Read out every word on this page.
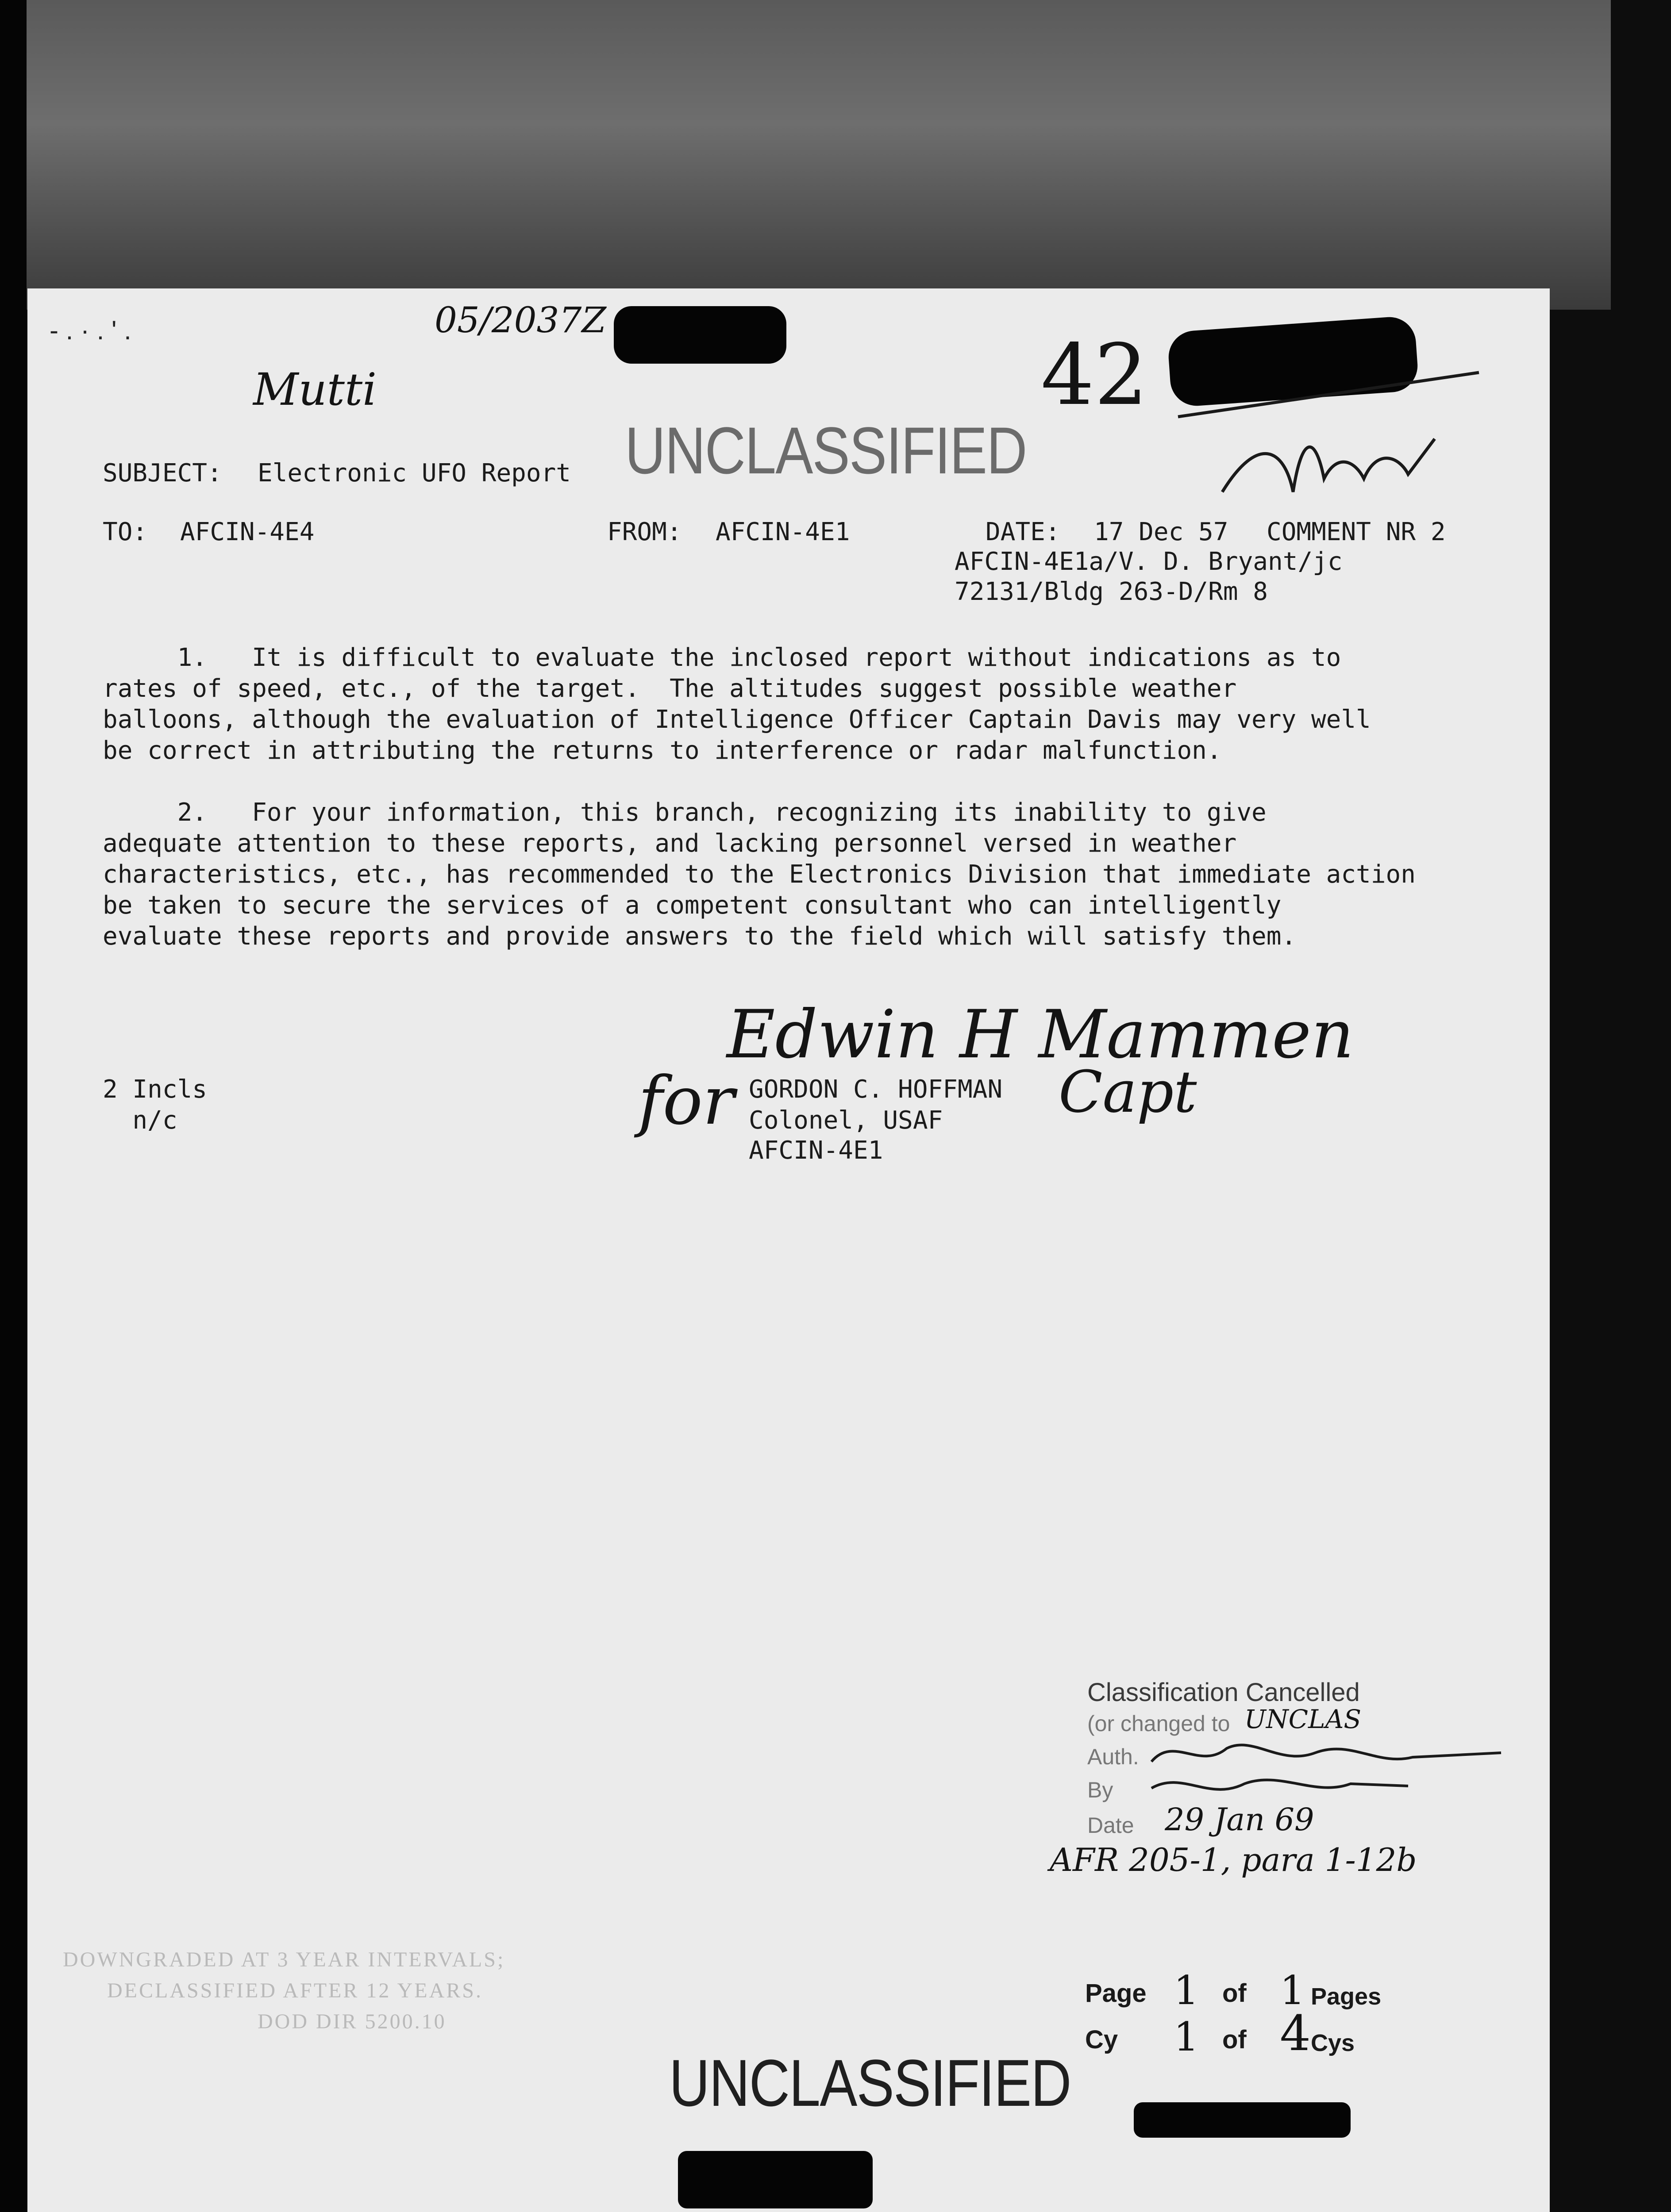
05/2037Z
Mutti
- . · . ' .	42
UNCLASSIFIED
SUBJECT: Electronic UFO Report
TO: AFCIN-4E4	FROM: AFCIN-4E1	DATE: 17 Dec 57 COMMENT NR 2
AFCIN-4E1a/V. D. Bryant/jc
72131/Bldg 263-D/Rm 8
1.   It is difficult to evaluate the inclosed report without indications as to
rates of speed, etc., of the target.  The altitudes suggest possible weather
balloons, although the evaluation of Intelligence Officer Captain Davis may very well
be correct in attributing the returns to interference or radar malfunction.
2.   For your information, this branch, recognizing its inability to give
adequate attention to these reports, and lacking personnel versed in weather
characteristics, etc., has recommended to the Electronics Division that immediate action
be taken to secure the services of a competent consultant who can intelligently
evaluate these reports and provide answers to the field which will satisfy them.
2 Incls
n/c
Edwin H Mammen
for	Capt
GORDON C. HOFFMAN
Colonel, USAF
AFCIN-4E1
Classification Cancelled
(or changed to UNCLAS
Auth.
By
Date 29 Jan 69
AFR 205-1, para 1-12b
DOWNGRADED AT 3 YEAR INTERVALS;
DECLASSIFIED AFTER 12 YEARS.
DOD DIR 5200.10
Page 1 of 1 Pages
Cy 1 of 4 Cys
UNCLASSIFIED
